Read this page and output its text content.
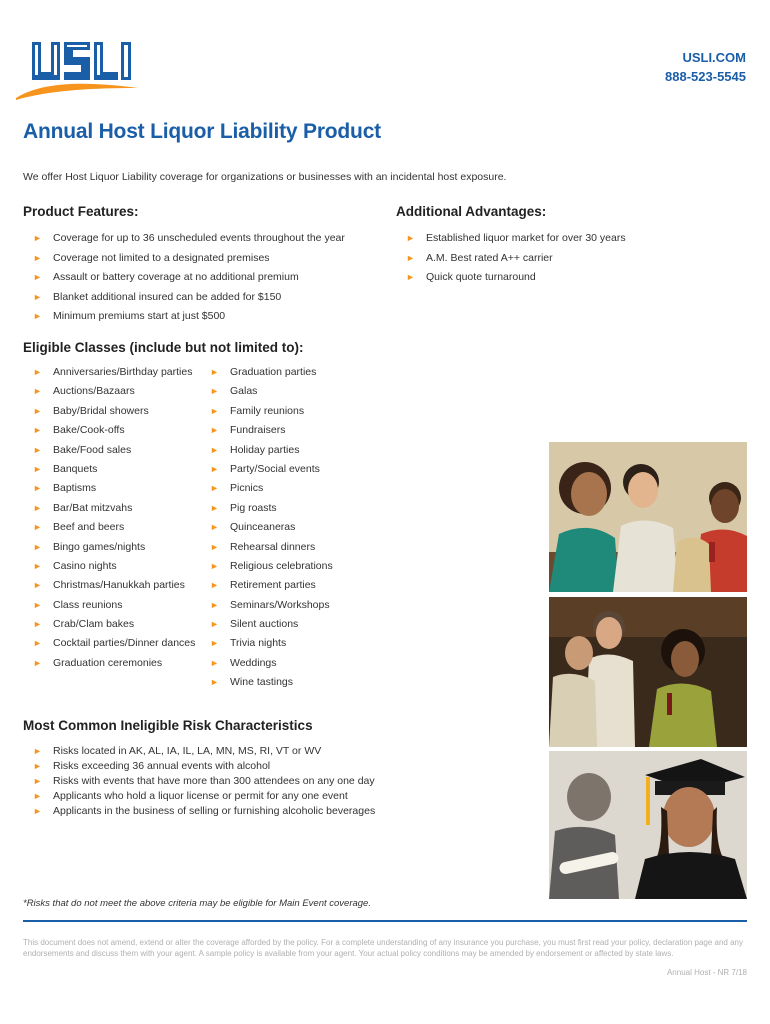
USLI.COM
888-523-5545
Annual Host Liquor Liability Product

We offer Host Liquor Liability coverage for organizations or businesses with an incidental host exposure.

Product Features:
► Coverage for up to 36 unscheduled events throughout the year
► Coverage not limited to a designated premises
► Assault or battery coverage at no additional premium
► Blanket additional insured can be added for $150
► Minimum premiums start at just $500
Additional Advantages:
► Established liquor market for over 30 years
► A.M. Best rated A++ carrier
► Quick quote turnaround
Eligible Classes (include but not limited to):
► Anniversaries/Birthday parties
► Auctions/Bazaars
► Baby/Bridal showers
► Bake/Cook-offs
► Bake/Food sales
► Banquets
► Baptisms
► Bar/Bat mitzvahs
► Beef and beers
► Bingo games/nights
► Casino nights
► Christmas/Hanukkah parties
► Class reunions
► Crab/Clam bakes
► Cocktail parties/Dinner dances
► Graduation ceremonies
► Graduation parties
► Galas
► Family reunions
► Fundraisers
► Holiday parties
► Party/Social events
► Picnics
► Pig roasts
► Quinceaneras
► Rehearsal dinners
► Religious celebrations
► Retirement parties
► Seminars/Workshops
► Silent auctions
► Trivia nights
► Weddings
► Wine tastings
Most Common Ineligible Risk Characteristics
► Risks located in AK, AL, IA, IL, LA, MN, MS, RI, VT or WV
► Risks exceeding 36 annual events with alcohol
► Risks with events that have more than 300 attendees on any one day
► Applicants who hold a liquor license or permit for any one event
► Applicants in the business of selling or furnishing alcoholic beverages

*Risks that do not meet the above criteria may be eligible for Main Event coverage.

This document does not amend, extend or alter the coverage afforded by the policy. For a complete understanding of any insurance you purchase, you must first read your policy, declaration page and any endorsements and discuss them with your agent. A sample policy is available from your agent. Your actual policy conditions may be amended by endorsement or affected by state laws.

Annual Host - NR 7/18
